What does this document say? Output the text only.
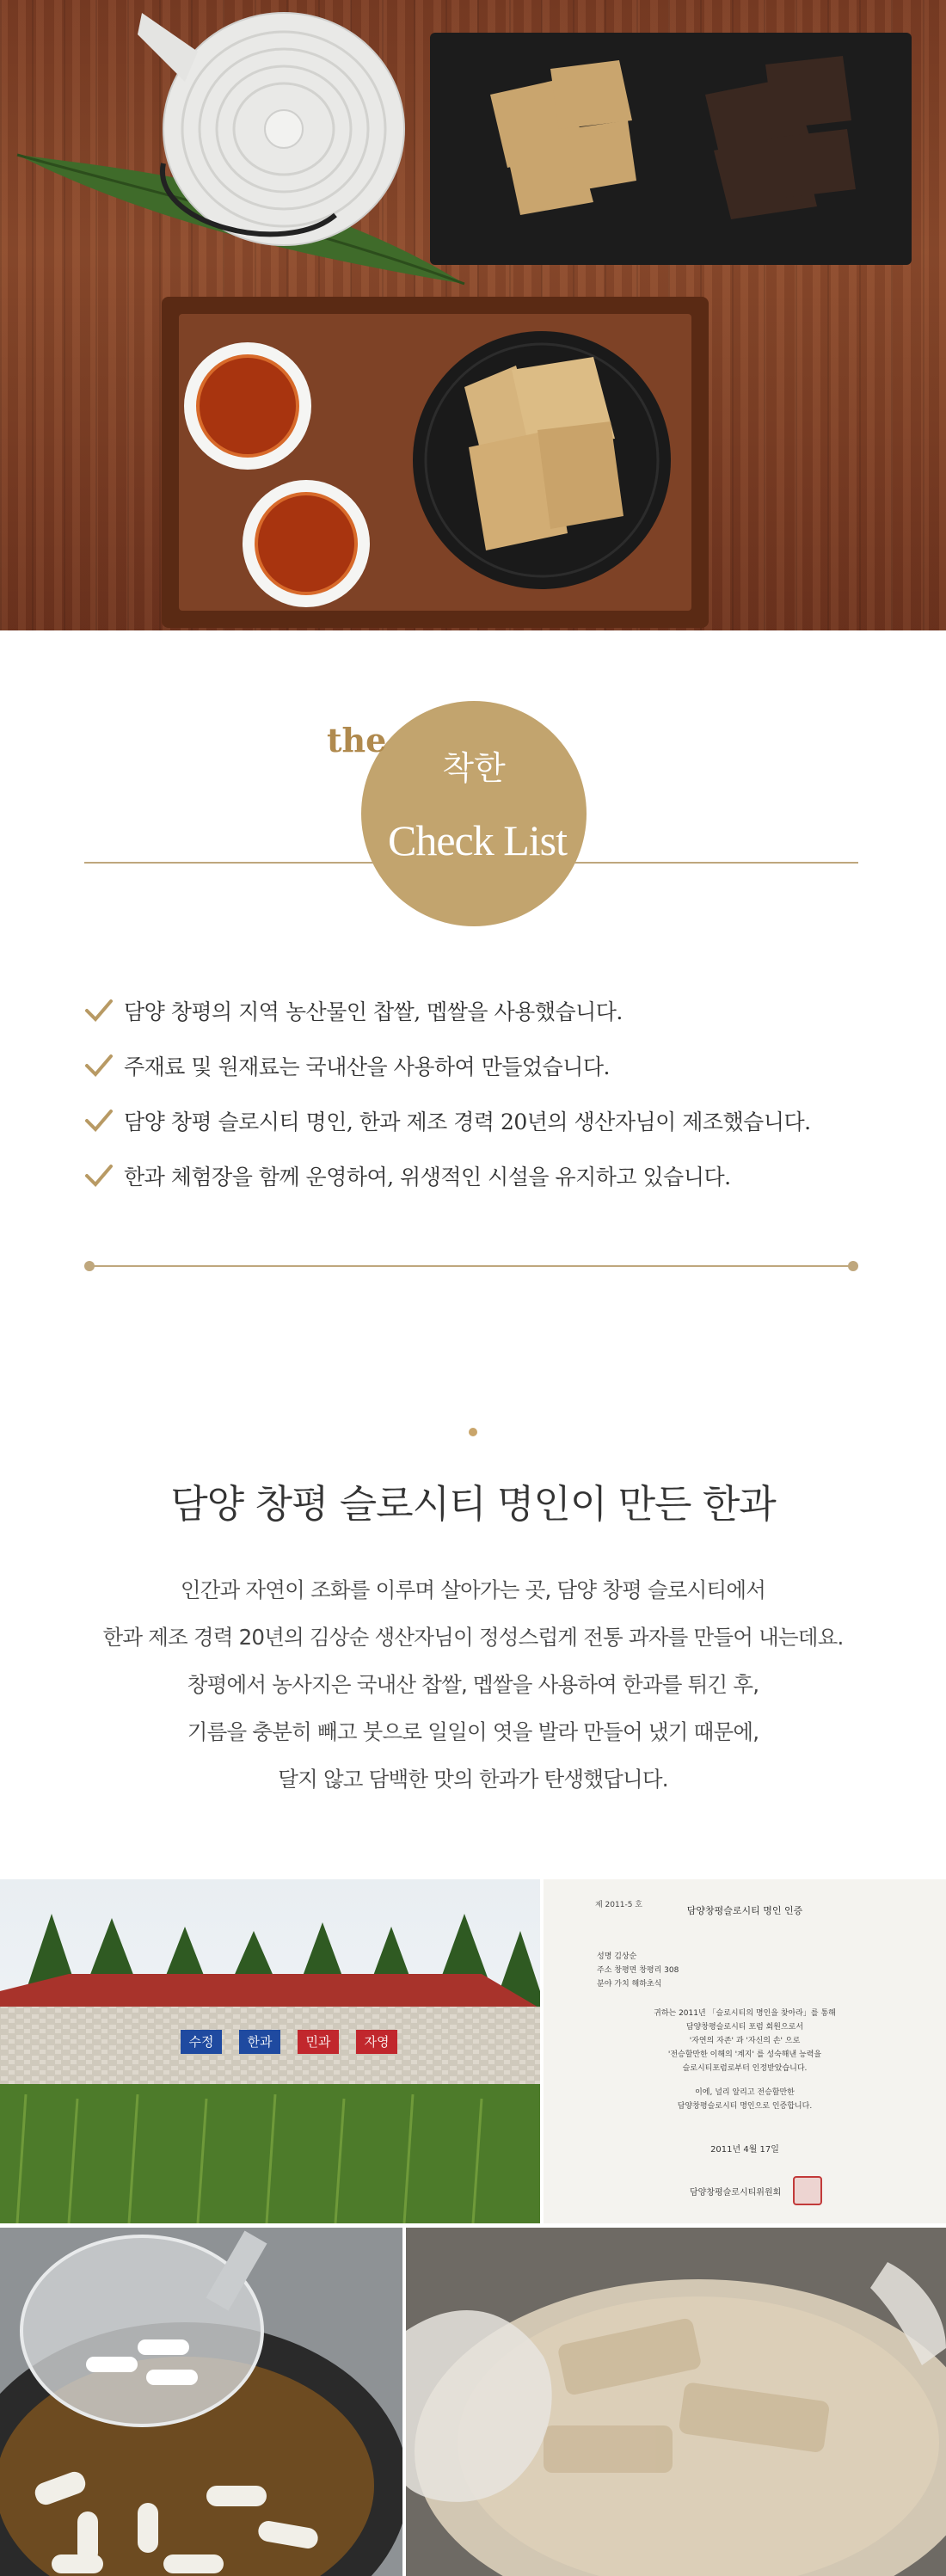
the
착한
Check List
담양 창평의 지역 농산물인 찹쌀, 멥쌀을 사용했습니다.
주재료 및 원재료는 국내산을 사용하여 만들었습니다.
담양 창평 슬로시티 명인, 한과 제조 경력 20년의 생산자님이 제조했습니다.
한과 체험장을 함께 운영하여, 위생적인 시설을 유지하고 있습니다.
담양 창평 슬로시티 명인이 만든 한과
인간과 자연이 조화를 이루며 살아가는 곳, 담양 창평 슬로시티에서
한과 제조 경력 20년의 김상순 생산자님이 정성스럽게 전통 과자를 만들어 내는데요.
창평에서 농사지은 국내산 찹쌀, 멥쌀을 사용하여 한과를 튀긴 후,
기름을 충분히 빼고 붓으로 일일이 엿을 발라 만들어 냈기 때문에,
달지 않고 담백한 맛의 한과가 탄생했답니다.
수정	한과	민과	자영
제 2011-5 호	담양창평슬로시티 명인 인증
성명 김상순
주소 창평면 창평리 308
분야 가치 해하초식
귀하는 2011년 「슬로시티의 명인을 찾아라」를 통해
담양창평슬로시티 포럼 회원으로서
'자연의 자존' 과 '자신의 손' 으로
'전승할만한 이해의 '계지' 를 성숙해낸 능력을
슬로시티포럼로부터 인정받았습니다.
이에, 널리 알리고 전승할만한
담양창평슬로시티 명인으로 인증합니다.
2011년 4월 17일
담양창평슬로시티위원회
